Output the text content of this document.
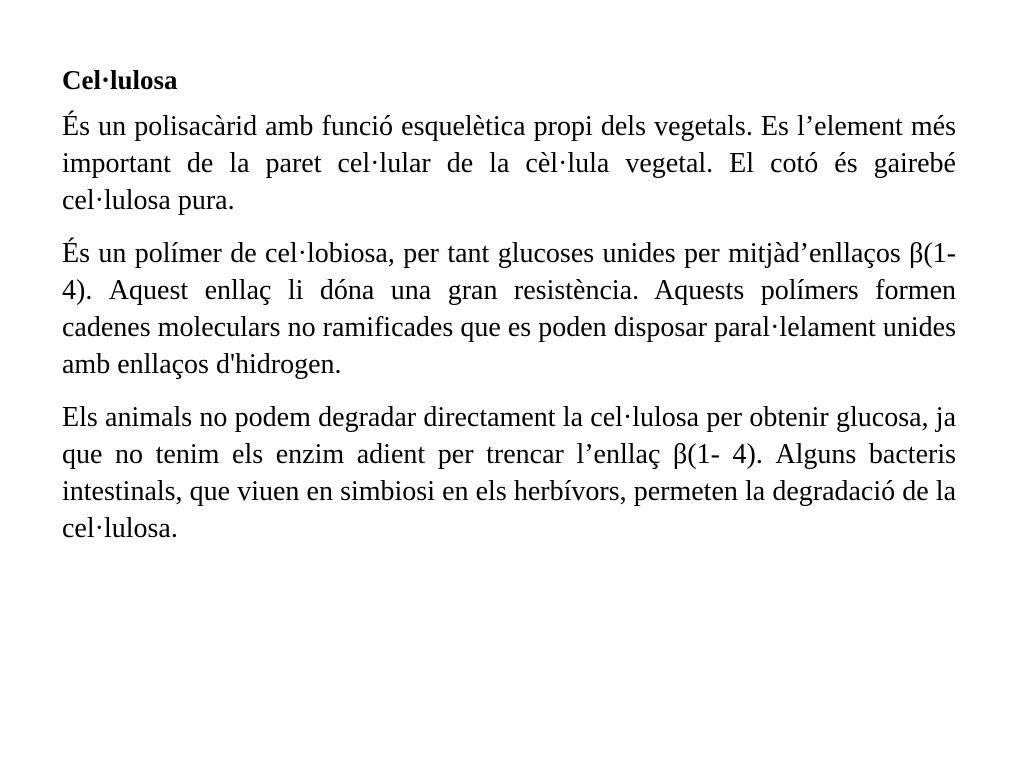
Cel·lulosa

És un polisacàrid amb funció esquelètica propi dels vegetals. Es l’element més important de la paret cel·lular de la cèl·lula vegetal. El cotó és gairebé cel·lulosa pura.

És un polímer de cel·lobiosa, per tant glucoses unides per mitjàd’enllaços β(1- 4). Aquest enllaç li dóna una gran resistència. Aquests polímers formen cadenes moleculars no ramificades que es poden disposar paral·lelament unides amb enllaços d'hidrogen.

Els animals no podem degradar directament la cel·lulosa per obtenir glucosa, ja que no tenim els enzim adient per trencar l’enllaç β(1- 4). Alguns bacteris intestinals, que viuen en simbiosi en els herbívors, permeten la degradació de la cel·lulosa.
